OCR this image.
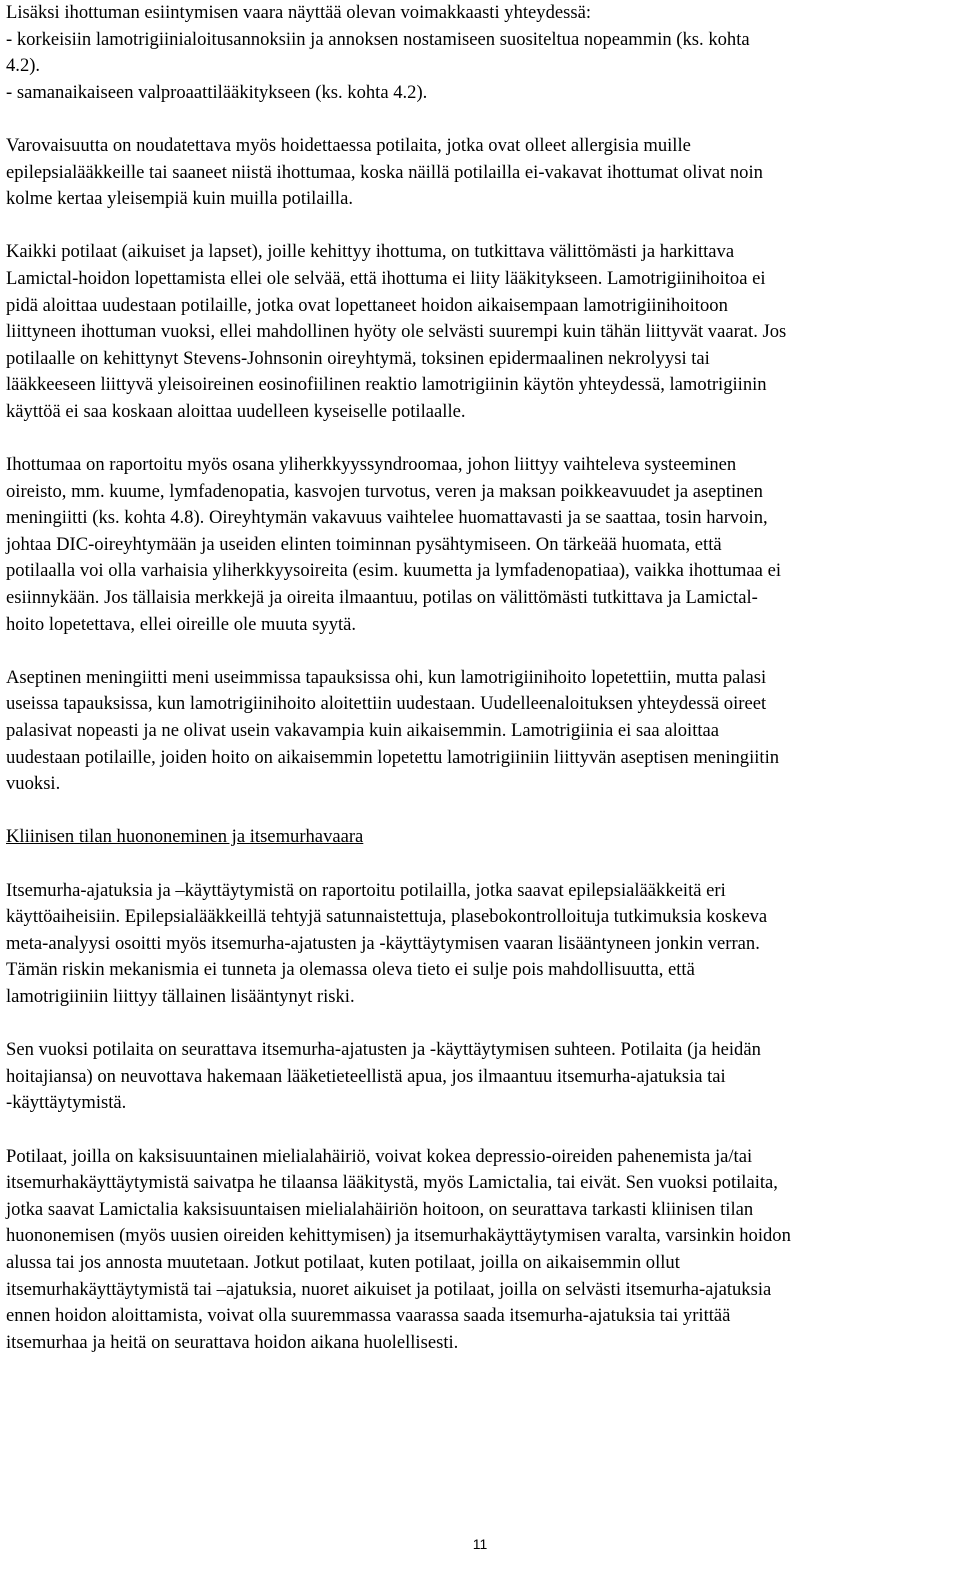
Lisäksi ihottuman esiintymisen vaara näyttää olevan voimakkaasti yhteydessä:

- korkeisiin lamotrigiinialoitusannoksiin ja annoksen nostamiseen suositeltua nopeammin (ks. kohta
4.2).

- samanaikaiseen valproaattilääkitykseen (ks. kohta 4.2).

Varovaisuutta on noudatettava myös hoidettaessa potilaita, jotka ovat olleet allergisia muille
epilepsialääkkeille tai saaneet niistä ihottumaa, koska näillä potilailla ei-vakavat ihottumat olivat noin
kolme kertaa yleisempiä kuin muilla potilailla.

Kaikki potilaat (aikuiset ja lapset), joille kehittyy ihottuma, on tutkittava välittömästi ja harkittava
Lamictal-hoidon lopettamista ellei ole selvää, että ihottuma ei liity lääkitykseen. Lamotrigiinihoitoa ei
pidä aloittaa uudestaan potilaille, jotka ovat lopettaneet hoidon aikaisempaan lamotrigiinihoitoon
liittyneen ihottuman vuoksi, ellei mahdollinen hyöty ole selvästi suurempi kuin tähän liittyvät vaarat. Jos
potilaalle on kehittynyt Stevens-Johnsonin oireyhtymä, toksinen epidermaalinen nekrolyysi tai
lääkkeeseen liittyvä yleisoireinen eosinofiilinen reaktio lamotrigiinin käytön yhteydessä, lamotrigiinin
käyttöä ei saa koskaan aloittaa uudelleen kyseiselle potilaalle.

Ihottumaa on raportoitu myös osana yliherkkyyssyndroomaa, johon liittyy vaihteleva systeeminen
oireisto, mm. kuume, lymfadenopatia, kasvojen turvotus, veren ja maksan poikkeavuudet ja aseptinen
meningiitti (ks. kohta 4.8). Oireyhtymän vakavuus vaihtelee huomattavasti ja se saattaa, tosin harvoin,
johtaa DIC-oireyhtymään ja useiden elinten toiminnan pysähtymiseen. On tärkeää huomata, että
potilaalla voi olla varhaisia yliherkkyysoireita (esim. kuumetta ja lymfadenopatiaa), vaikka ihottumaa ei
esiinnykään. Jos tällaisia merkkejä ja oireita ilmaantuu, potilas on välittömästi tutkittava ja Lamictal-
hoito lopetettava, ellei oireille ole muuta syytä.

Aseptinen meningiitti meni useimmissa tapauksissa ohi, kun lamotrigiinihoito lopetettiin, mutta palasi
useissa tapauksissa, kun lamotrigiinihoito aloitettiin uudestaan. Uudelleenaloituksen yhteydessä oireet
palasivat nopeasti ja ne olivat usein vakavampia kuin aikaisemmin. Lamotrigiinia ei saa aloittaa
uudestaan potilaille, joiden hoito on aikaisemmin lopetettu lamotrigiiniin liittyvän aseptisen meningiitin
vuoksi.

Kliinisen tilan huononeminen ja itsemurhavaara

Itsemurha-ajatuksia ja –käyttäytymistä on raportoitu potilailla, jotka saavat epilepsialääkkeitä eri
käyttöaiheisiin. Epilepsialääkkeillä tehtyjä satunnaistettuja, plasebokontrolloituja tutkimuksia koskeva
meta-analyysi osoitti myös itsemurha-ajatusten ja -käyttäytymisen vaaran lisääntyneen jonkin verran.
Tämän riskin mekanismia ei tunneta ja olemassa oleva tieto ei sulje pois mahdollisuutta, että
lamotrigiiniin liittyy tällainen lisääntynyt riski.

Sen vuoksi potilaita on seurattava itsemurha-ajatusten ja -käyttäytymisen suhteen. Potilaita (ja heidän
hoitajiansa) on neuvottava hakemaan lääketieteellistä apua, jos ilmaantuu itsemurha-ajatuksia tai
-käyttäytymistä.

Potilaat, joilla on kaksisuuntainen mielialahäiriö, voivat kokea depressio-oireiden pahenemista ja/tai
itsemurhakäyttäytymistä saivatpa he tilaansa lääkitystä, myös Lamictalia, tai eivät. Sen vuoksi potilaita,
jotka saavat Lamictalia kaksisuuntaisen mielialahäiriön hoitoon, on seurattava tarkasti kliinisen tilan
huononemisen (myös uusien oireiden kehittymisen) ja itsemurhakäyttäytymisen varalta, varsinkin hoidon
alussa tai jos annosta muutetaan. Jotkut potilaat, kuten potilaat, joilla on aikaisemmin ollut
itsemurhakäyttäytymistä tai –ajatuksia, nuoret aikuiset ja potilaat, joilla on selvästi itsemurha-ajatuksia
ennen hoidon aloittamista, voivat olla suuremmassa vaarassa saada itsemurha-ajatuksia tai yrittää
itsemurhaa ja heitä on seurattava hoidon aikana huolellisesti.

11
